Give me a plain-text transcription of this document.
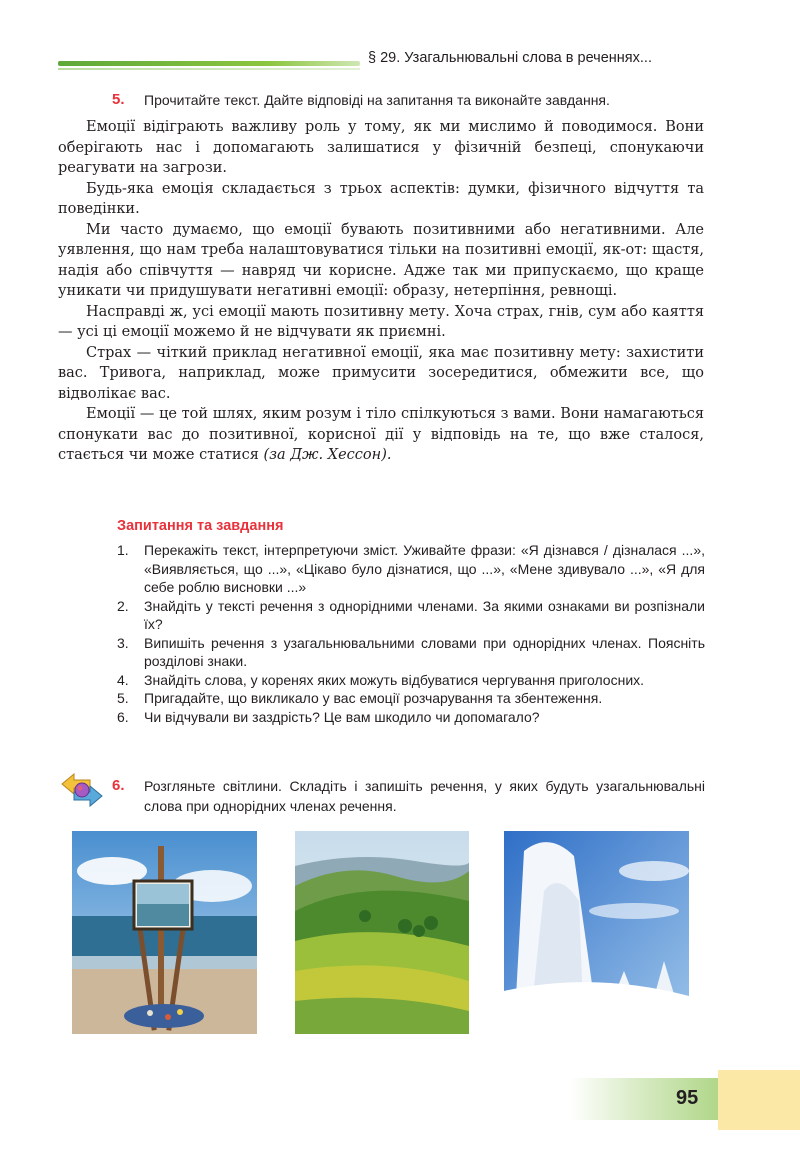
§ 29. Узагальнювальні слова в реченнях...
5.	Прочитайте текст. Дайте відповіді на запитання та виконайте завдання.

Емоції відіграють важливу роль у тому, як ми мислимо й поводимося. Вони оберігають нас і допомагають залишатися у фізичній безпеці, спонукаючи реагувати на загрози.

Будь-яка емоція складається з трьох аспектів: думки, фізичного відчуття та поведінки.

Ми часто думаємо, що емоції бувають позитивними або негативними. Але уявлення, що нам треба налаштовуватися тільки на позитивні емоції, як-от: щастя, надія або співчуття — навряд чи корисне. Адже так ми припускаємо, що краще уникати чи придушувати негативні емоції: образу, нетерпіння, ревнощі.

Насправді ж, усі емоції мають позитивну мету. Хоча страх, гнів, сум або каяття — усі ці емоції можемо й не відчувати як приємні.

Страх — чіткий приклад негативної емоції, яка має позитивну мету: захистити вас. Тривога, наприклад, може примусити зосередитися, обмежити все, що відволікає вас.

Емоції — це той шлях, яким розум і тіло спілкуються з вами. Вони намагаються спонукати вас до позитивної, корисної дії у відповідь на те, що вже сталося, стається чи може статися (за Дж. Хессон).

Запитання та завдання
1. Перекажіть текст, інтерпретуючи зміст. Уживайте фрази: «Я дізнався / дізналася ...», «Виявляється, що ...», «Цікаво було дізнатися, що ...», «Мене здивувало ...», «Я для себе роблю висновки ...»
2. Знайдіть у тексті речення з однорідними членами. За якими ознаками ви розпізнали їх?
3. Випишіть речення з узагальнювальними словами при однорідних членах. Поясніть розділові знаки.
4. Знайдіть слова, у коренях яких можуть відбуватися чергування приголосних.
5. Пригадайте, що викликало у вас емоції розчарування та збентеження.
6. Чи відчували ви заздрість? Це вам шкодило чи допомагало?
6.	Розгляньте світлини. Складіть і запишіть речення, у яких будуть узагальнювальні слова при однорідних членах речення.
95
